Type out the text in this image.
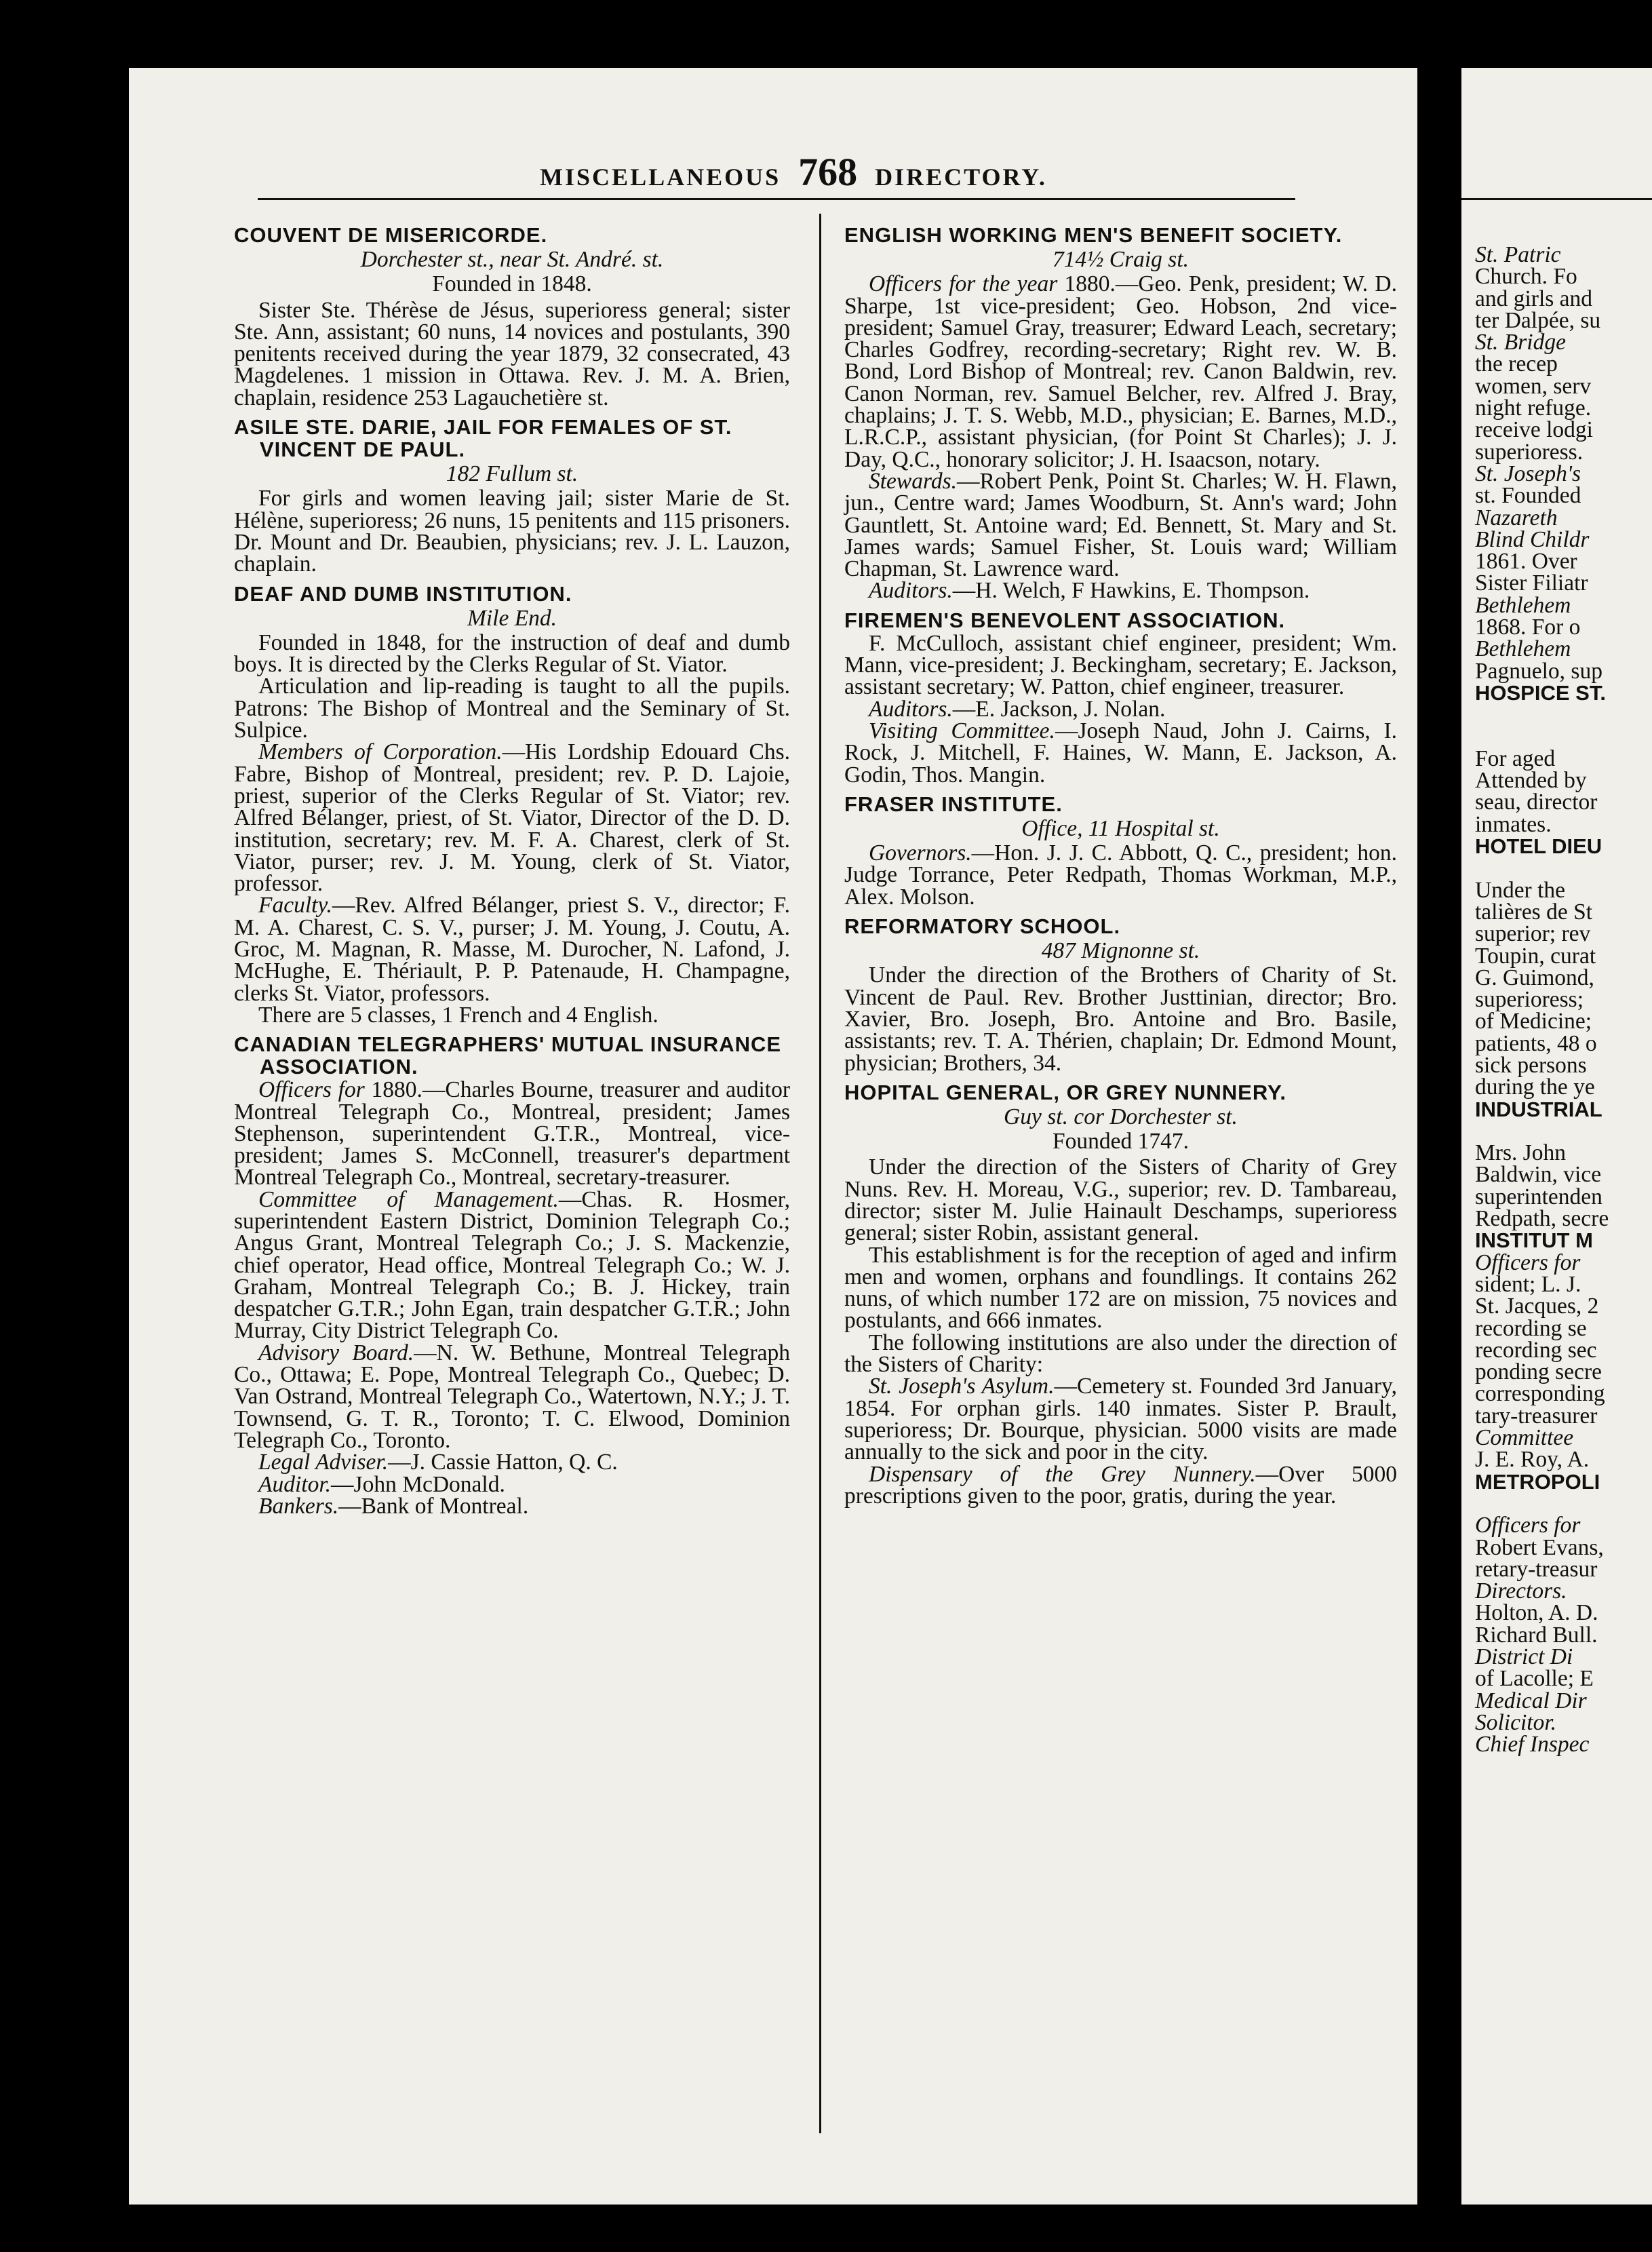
MISCELLANEOUS 768 DIRECTORY.
COUVENT DE MISERICORDE.
Dorchester st., near St. André. st.
Founded in 1848.

Sister Ste. Thérèse de Jésus, superioress general; sister Ste. Ann, assistant; 60 nuns, 14 novices and postulants, 390 penitents received during the year 1879, 32 consecrated, 43 Magdelenes. 1 mission in Ottawa. Rev. J. M. A. Brien, chaplain, residence 253 Lagauchetière st.

ASILE STE. DARIE, JAIL FOR FEMALES OF ST. VINCENT DE PAUL.
182 Fullum st.

For girls and women leaving jail; sister Marie de St. Hélène, superioress; 26 nuns, 15 penitents and 115 prisoners. Dr. Mount and Dr. Beaubien, physicians; rev. J. L. Lauzon, chaplain.

DEAF AND DUMB INSTITUTION.
Mile End.

Founded in 1848, for the instruction of deaf and dumb boys. It is directed by the Clerks Regular of St. Viator.

Articulation and lip-reading is taught to all the pupils. Patrons: The Bishop of Montreal and the Seminary of St. Sulpice.

Members of Corporation.—His Lordship Edouard Chs. Fabre, Bishop of Montreal, president; rev. P. D. Lajoie, priest, superior of the Clerks Regular of St. Viator; rev. Alfred Bélanger, priest, of St. Viator, Director of the D. D. institution, secretary; rev. M. F. A. Charest, clerk of St. Viator, purser; rev. J. M. Young, clerk of St. Viator, professor.

Faculty.—Rev. Alfred Bélanger, priest S. V., director; F. M. A. Charest, C. S. V., purser; J. M. Young, J. Coutu, A. Groc, M. Magnan, R. Masse, M. Durocher, N. Lafond, J. McHughe, E. Thériault, P. P. Patenaude, H. Champagne, clerks St. Viator, professors.

There are 5 classes, 1 French and 4 English.

CANADIAN TELEGRAPHERS' MUTUAL INSURANCE ASSOCIATION.

Officers for 1880.—Charles Bourne, treasurer and auditor Montreal Telegraph Co., Montreal, president; James Stephenson, superintendent G.T.R., Montreal, vice-president; James S. McConnell, treasurer's department Montreal Telegraph Co., Montreal, secretary-treasurer.

Committee of Management.—Chas. R. Hosmer, superintendent Eastern District, Dominion Telegraph Co.; Angus Grant, Montreal Telegraph Co.; J. S. Mackenzie, chief operator, Head office, Montreal Telegraph Co.; W. J. Graham, Montreal Telegraph Co.; B. J. Hickey, train despatcher G.T.R.; John Egan, train despatcher G.T.R.; John Murray, City District Telegraph Co.

Advisory Board.—N. W. Bethune, Montreal Telegraph Co., Ottawa; E. Pope, Montreal Telegraph Co., Quebec; D. Van Ostrand, Montreal Telegraph Co., Watertown, N.Y.; J. T. Townsend, G. T. R., Toronto; T. C. Elwood, Dominion Telegraph Co., Toronto.

Legal Adviser.—J. Cassie Hatton, Q. C.

Auditor.—John McDonald.

Bankers.—Bank of Montreal.

ENGLISH WORKING MEN'S BENEFIT SOCIETY.
714½ Craig st.

Officers for the year 1880.—Geo. Penk, president; W. D. Sharpe, 1st vice-president; Geo. Hobson, 2nd vice-president; Samuel Gray, treasurer; Edward Leach, secretary; Charles Godfrey, recording-secretary; Right rev. W. B. Bond, Lord Bishop of Montreal; rev. Canon Baldwin, rev. Canon Norman, rev. Samuel Belcher, rev. Alfred J. Bray, chaplains; J. T. S. Webb, M.D., physician; E. Barnes, M.D., L.R.C.P., assistant physician, (for Point St Charles); J. J. Day, Q.C., honorary solicitor; J. H. Isaacson, notary.

Stewards.—Robert Penk, Point St. Charles; W. H. Flawn, jun., Centre ward; James Woodburn, St. Ann's ward; John Gauntlett, St. Antoine ward; Ed. Bennett, St. Mary and St. James wards; Samuel Fisher, St. Louis ward; William Chapman, St. Lawrence ward.

Auditors.—H. Welch, F Hawkins, E. Thompson.

FIREMEN'S BENEVOLENT ASSOCIATION.

F. McCulloch, assistant chief engineer, president; Wm. Mann, vice-president; J. Beckingham, secretary; E. Jackson, assistant secretary; W. Patton, chief engineer, treasurer.

Auditors.—E. Jackson, J. Nolan.

Visiting Committee.—Joseph Naud, John J. Cairns, I. Rock, J. Mitchell, F. Haines, W. Mann, E. Jackson, A. Godin, Thos. Mangin.

FRASER INSTITUTE.
Office, 11 Hospital st.

Governors.—Hon. J. J. C. Abbott, Q. C., president; hon. Judge Torrance, Peter Redpath, Thomas Workman, M.P., Alex. Molson.

REFORMATORY SCHOOL.
487 Mignonne st.

Under the direction of the Brothers of Charity of St. Vincent de Paul. Rev. Brother Justtinian, director; Bro. Xavier, Bro. Joseph, Bro. Antoine and Bro. Basile, assistants; rev. T. A. Thérien, chaplain; Dr. Edmond Mount, physician; Brothers, 34.

HOPITAL GENERAL, OR GREY NUNNERY.
Guy st. cor Dorchester st.
Founded 1747.

Under the direction of the Sisters of Charity of Grey Nuns. Rev. H. Moreau, V.G., superior; rev. D. Tambareau, director; sister M. Julie Hainault Deschamps, superioress general; sister Robin, assistant general.

This establishment is for the reception of aged and infirm men and women, orphans and foundlings. It contains 262 nuns, of which number 172 are on mission, 75 novices and postulants, and 666 inmates.

The following institutions are also under the direction of the Sisters of Charity:

St. Joseph's Asylum.—Cemetery st. Founded 3rd January, 1854. For orphan girls. 140 inmates. Sister P. Brault, superioress; Dr. Bourque, physician. 5000 visits are made annually to the sick and poor in the city.

Dispensary of the Grey Nunnery.—Over 5000 prescriptions given to the poor, gratis, during the year.

St. Patric
Church. Fo
and girls and
ter Dalpée, su
St. Bridge
the recep
women, serv
night refuge.
receive lodgi
superioress.
St. Joseph's
st. Founded
Nazareth
Blind Childr
1861. Over
Sister Filiatr
Bethlehem
1868. For o
Bethlehem
Pagnuelo, sup
HOSPICE ST.
For aged
Attended by
seau, director
inmates.
HOTEL DIEU
Under the
talières de St
superior; rev
Toupin, curat
G. Guimond,
superioress;
of Medicine;
patients, 48 o
sick persons
during the ye
INDUSTRIAL
Mrs. John
Baldwin, vice
superintenden
Redpath, secre
INSTITUT M
Officers for
sident; L. J.
St. Jacques, 2
recording se
recording sec
ponding secre
corresponding
tary-treasurer
Committee
J. E. Roy, A.
METROPOLI
Officers for
Robert Evans,
retary-treasur
Directors.
Holton, A. D.
Richard Bull.
District Di
of Lacolle; E
Medical Dir
Solicitor.
Chief Inspec
